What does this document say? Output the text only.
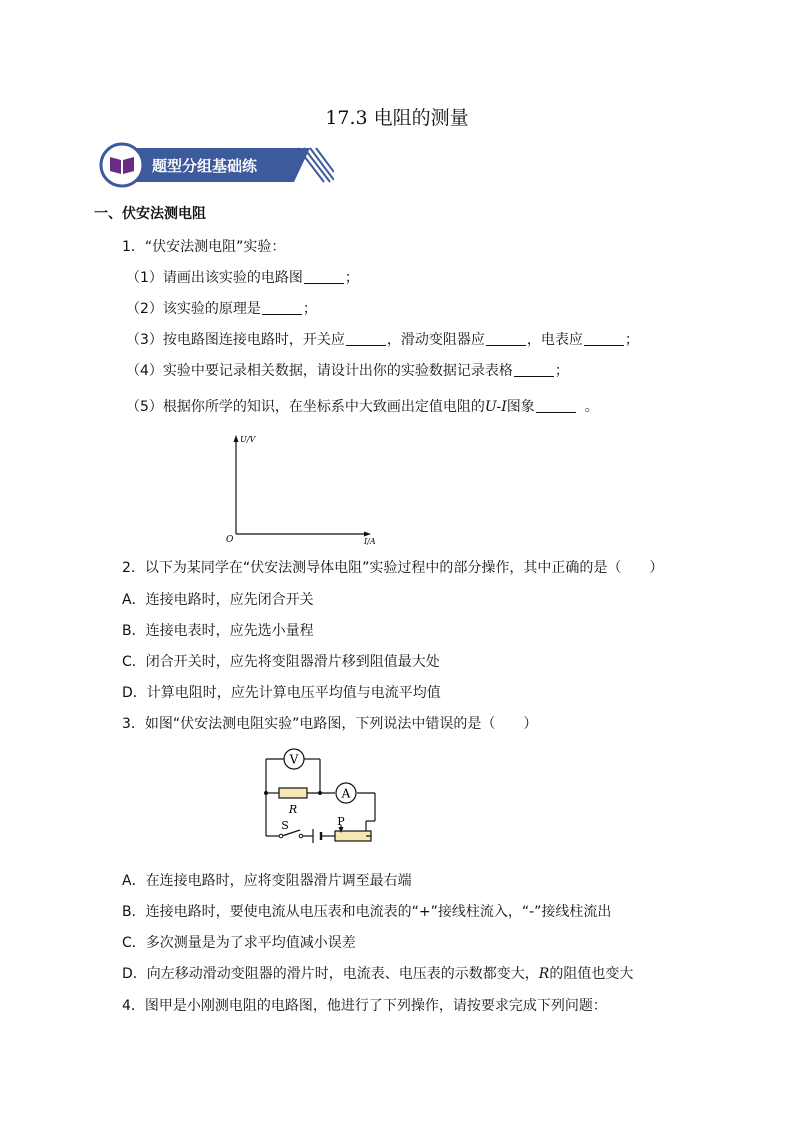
17.3 电阻的测量
题型分组基础练
一、伏安法测电阻
1．“伏安法测电阻”实验：
（1）请画出该实验的电路图	；
（2）该实验的原理是	；
（3）按电路图连接电路时，开关应	，滑动变阻器应	，电表应	；
（4）实验中要记录相关数据，请设计出你的实验数据记录表格	；
（5）根据你所学的知识，在坐标系中大致画出定值电阻的U-I图象	。
U/V
I/A
O
2．以下为某同学在“伏安法测导体电阻”实验过程中的部分操作，其中正确的是（　　）
A．连接电路时，应先闭合开关
B．连接电表时，应先选小量程
C．闭合开关时，应先将变阻器滑片移到阻值最大处
D．计算电阻时，应先计算电压平均值与电流平均值
3．如图“伏安法测电阻实验”电路图，下列说法中错误的是（　　）
V
R
A
S	P
A．在连接电路时，应将变阻器滑片调至最右端
B．连接电路时，要使电流从电压表和电流表的“+”接线柱流入，“-”接线柱流出
C．多次测量是为了求平均值减小误差
D．向左移动滑动变阻器的滑片时，电流表、电压表的示数都变大，R的阻值也变大
4．图甲是小刚测电阻的电路图，他进行了下列操作，请按要求完成下列问题：
